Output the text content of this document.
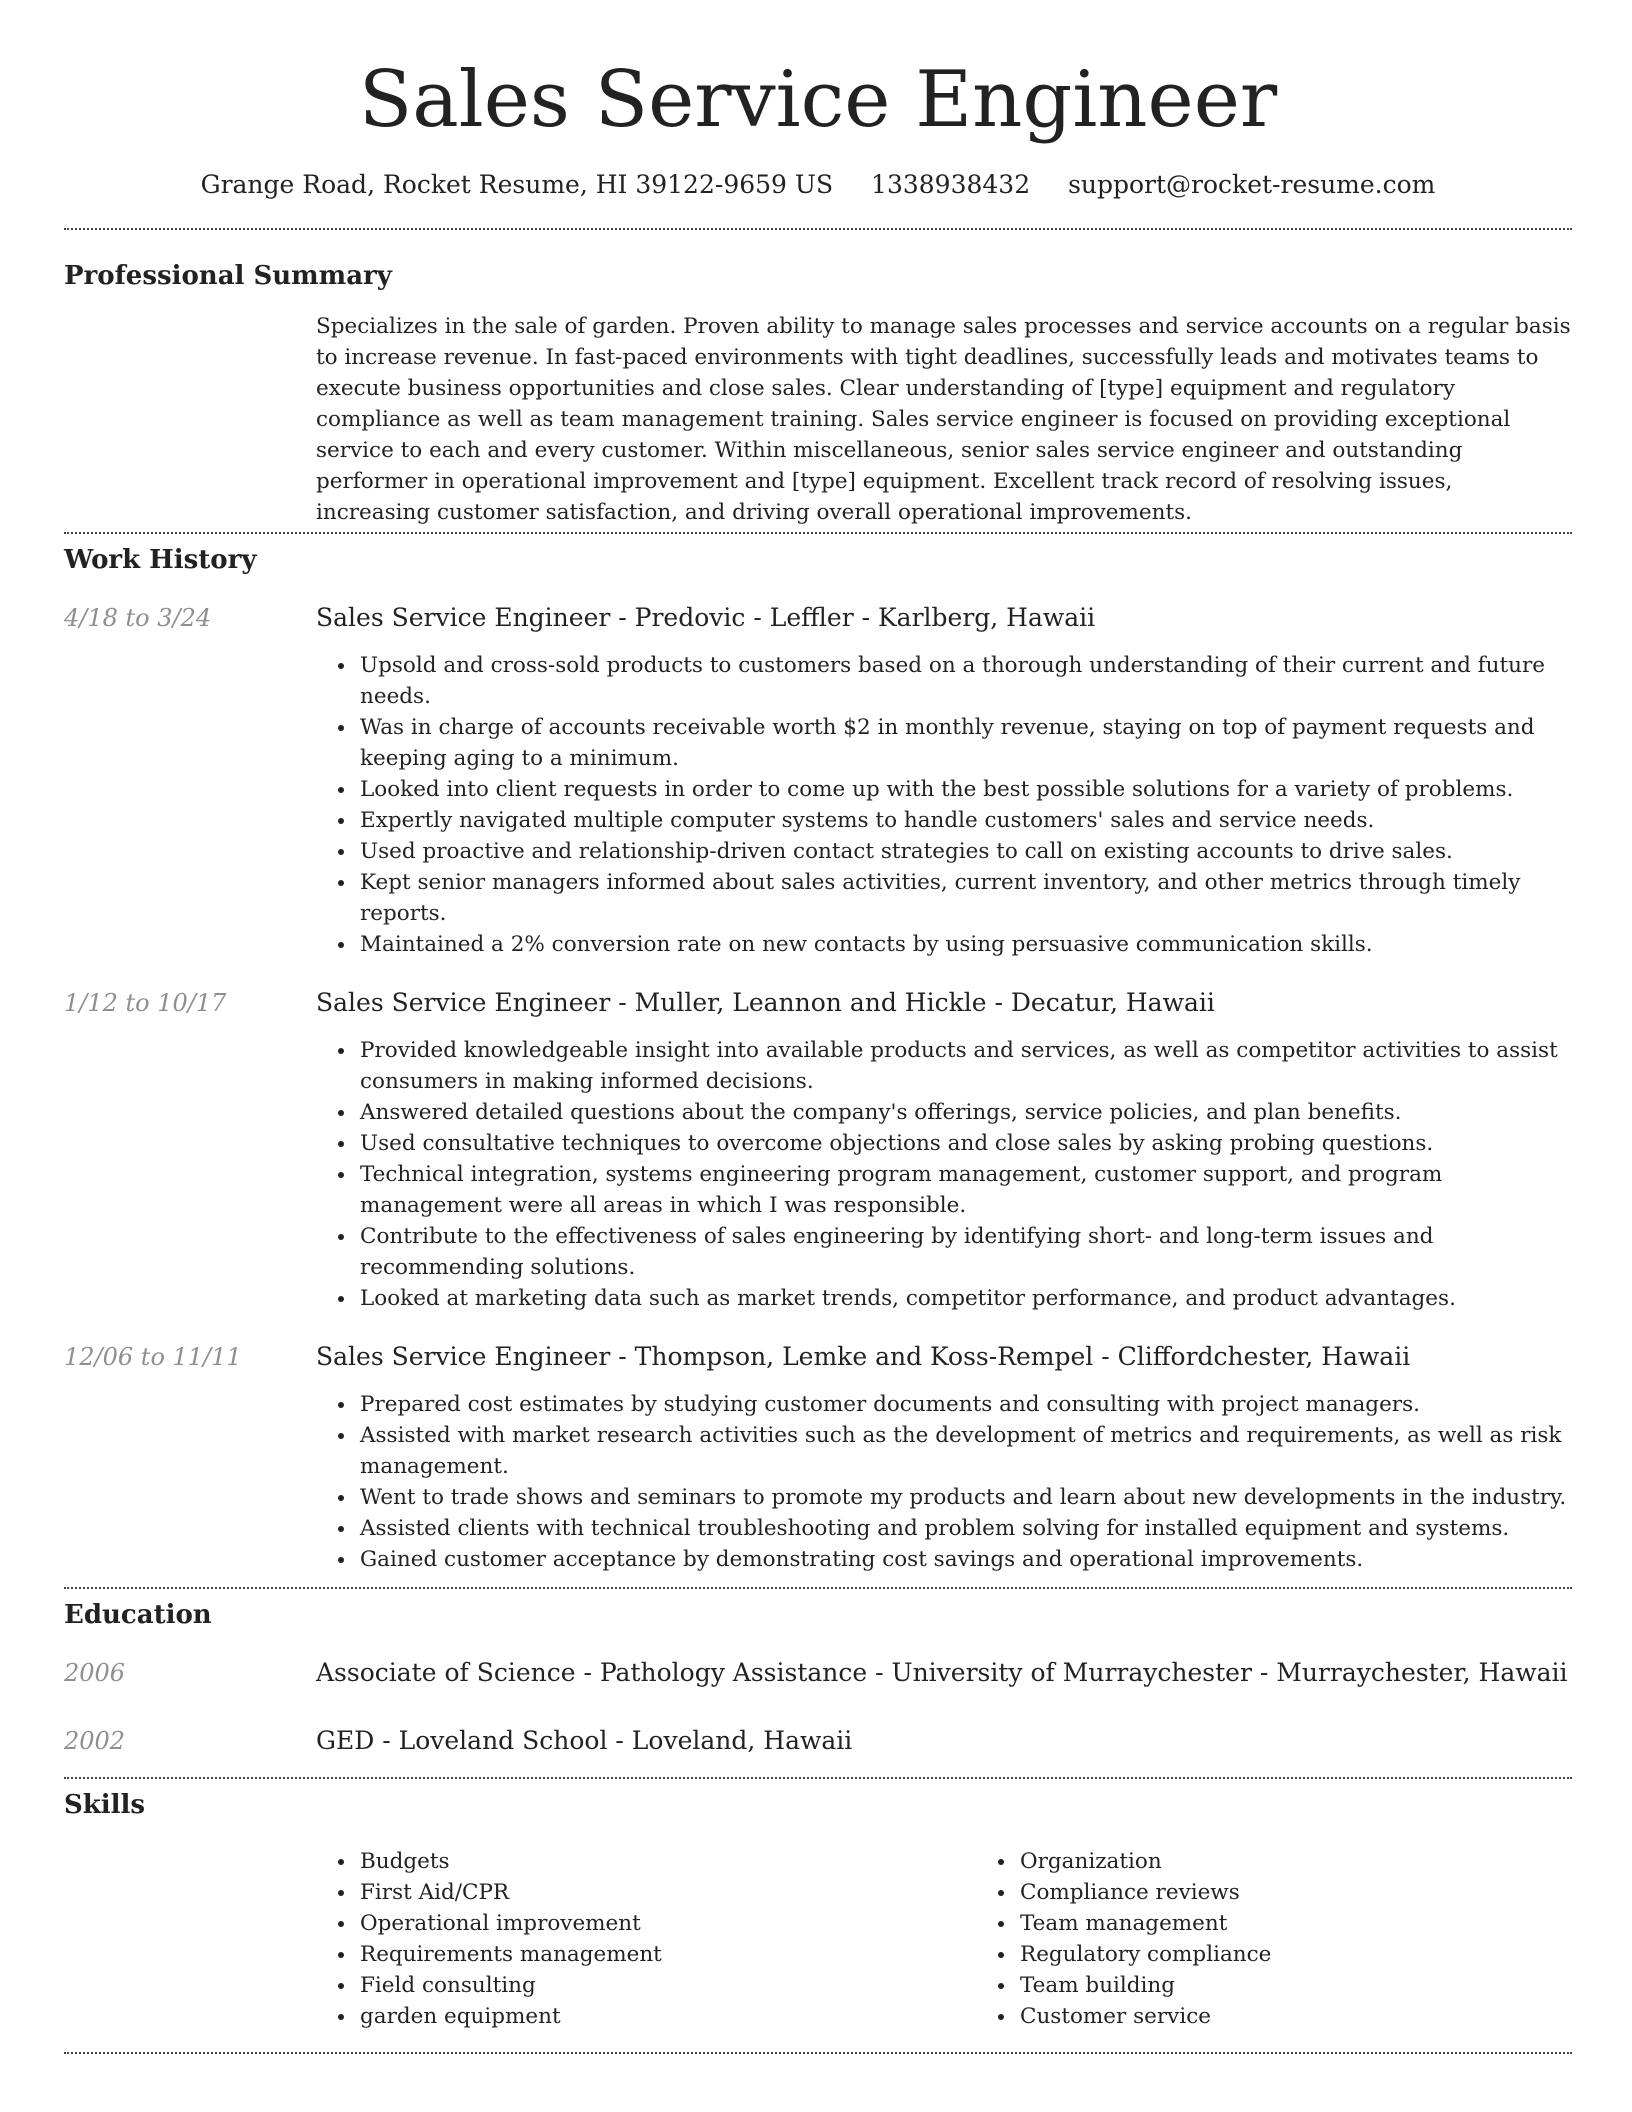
Sales Service Engineer
Grange Road, Rocket Resume, HI 39122-9659 US 1338938432 support@rocket-resume.com
Professional Summary

Specializes in the sale of garden. Proven ability to manage sales processes and service accounts on a regular basis to increase revenue. In fast-paced environments with tight deadlines, successfully leads and motivates teams to execute business opportunities and close sales. Clear understanding of [type] equipment and regulatory compliance as well as team management training. Sales service engineer is focused on providing exceptional service to each and every customer. Within miscellaneous, senior sales service engineer and outstanding performer in operational improvement and [type] equipment. Excellent track record of resolving issues, increasing customer satisfaction, and driving overall operational improvements.

Work History
4/18 to 3/24	Sales Service Engineer - Predovic - Leffler - Karlberg, Hawaii
Upsold and cross-sold products to customers based on a thorough understanding of their current and future needs.
Was in charge of accounts receivable worth $2 in monthly revenue, staying on top of payment requests and keeping aging to a minimum.
Looked into client requests in order to come up with the best possible solutions for a variety of problems.
Expertly navigated multiple computer systems to handle customers' sales and service needs.
Used proactive and relationship-driven contact strategies to call on existing accounts to drive sales.
Kept senior managers informed about sales activities, current inventory, and other metrics through timely reports.
Maintained a 2% conversion rate on new contacts by using persuasive communication skills.
1/12 to 10/17	Sales Service Engineer - Muller, Leannon and Hickle - Decatur, Hawaii
Provided knowledgeable insight into available products and services, as well as competitor activities to assist consumers in making informed decisions.
Answered detailed questions about the company's offerings, service policies, and plan benefits.
Used consultative techniques to overcome objections and close sales by asking probing questions.
Technical integration, systems engineering program management, customer support, and program management were all areas in which I was responsible.
Contribute to the effectiveness of sales engineering by identifying short- and long-term issues and recommending solutions.
Looked at marketing data such as market trends, competitor performance, and product advantages.
12/06 to 11/11	Sales Service Engineer - Thompson, Lemke and Koss-Rempel - Cliffordchester, Hawaii
Prepared cost estimates by studying customer documents and consulting with project managers.
Assisted with market research activities such as the development of metrics and requirements, as well as risk management.
Went to trade shows and seminars to promote my products and learn about new developments in the industry.
Assisted clients with technical troubleshooting and problem solving for installed equipment and systems.
Gained customer acceptance by demonstrating cost savings and operational improvements.
Education
2006	Associate of Science - Pathology Assistance - University of Murraychester - Murraychester, Hawaii
2002	GED - Loveland School - Loveland, Hawaii
Skills
Budgets
First Aid/CPR
Operational improvement
Requirements management
Field consulting
garden equipment
Organization
Compliance reviews
Team management
Regulatory compliance
Team building
Customer service
